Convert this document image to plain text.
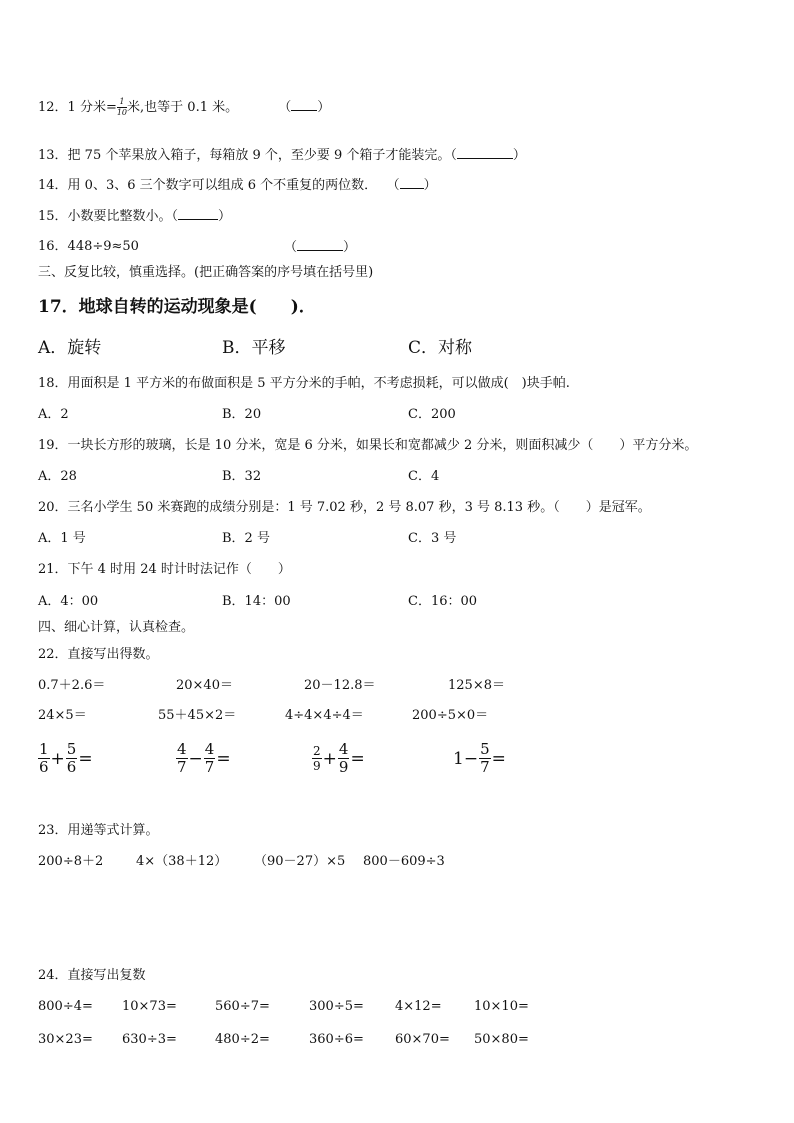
12．1 分米= $\frac{1}{10}$ 米,也等于 0.1 米。	（ ）
13．把 75 个苹果放入箱子，每箱放 9 个，至少要 9 个箱子才能装完。（	）
14．用 0、3、6 三个数字可以组成 6 个不重复的两位数． （ ）
15．小数要比整数小。（	）
16．448÷9≈50	（	）
三、反复比较，慎重选择。(把正确答案的序号填在括号里)
17．地球自转的运动现象是(　　)．
A．旋转	B．平移	C．对称
18．用面积是 1 平方米的布做面积是 5 平方分米的手帕，不考虑损耗，可以做成(　)块手帕.
A．2	B．20	C．200
19．一块长方形的玻璃，长是 10 分米，宽是 6 分米，如果长和宽都减少 2 分米，则面积减少（　　）平方分米。
A．28	B．32	C．4
20．三名小学生 50 米赛跑的成绩分别是：1 号 7.02 秒，2 号 8.07 秒，3 号 8.13 秒。（　　）是冠军。
A．1 号	B．2 号	C．3 号
21．下午 4 时用 24 时计时法记作（　　）
A．4：00	B．14：00	C．16：00
四、细心计算，认真检查。
22．直接写出得数。
0.7＋2.6＝	20×40＝	20－12.8＝	125×8＝
24×5＝	55＋45×2＝	4÷4×4÷4＝	200÷5×0＝
$\frac{1}{6} + \frac{5}{6}$ =	$\frac{4}{7} - \frac{4}{7}$ =	$\frac{2}{9} + \frac{4}{9}$ =	$1- \frac{5}{7}$ =
23．用递等式计算。
200÷8＋2	4×（38＋12） （90－27）×5 800－609÷3
24．直接写出复数
800÷4= 10×73=	560÷7=	300÷5= 4×12= 10×10=
30×23= 630÷3=	480÷2=	360÷6= 60×70= 50×80=
